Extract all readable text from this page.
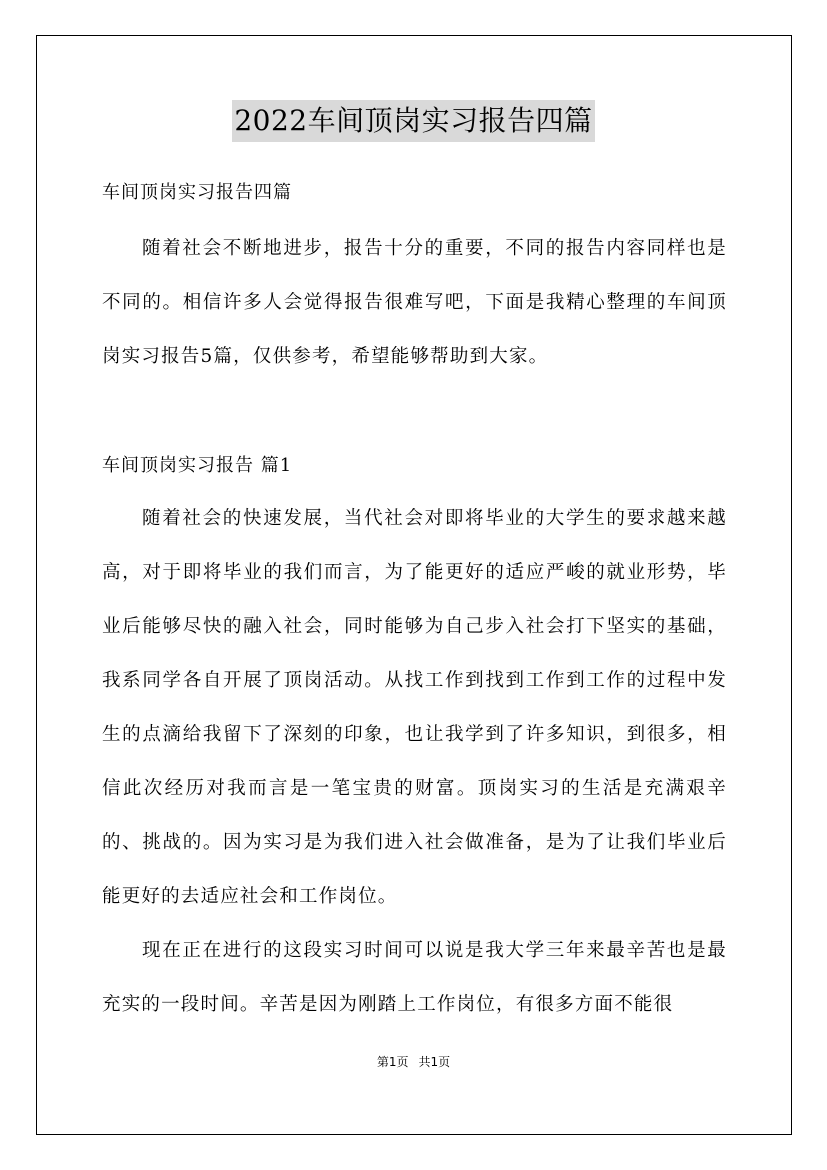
2022车间顶岗实习报告四篇
车间顶岗实习报告四篇

随着社会不断地进步，报告十分的重要，不同的报告内容同样也是不同的。相信许多人会觉得报告很难写吧，下面是我精心整理的车间顶岗实习报告5篇，仅供参考，希望能够帮助到大家。

车间顶岗实习报告 篇1

随着社会的快速发展，当代社会对即将毕业的大学生的要求越来越高，对于即将毕业的我们而言，为了能更好的适应严峻的就业形势，毕业后能够尽快的融入社会，同时能够为自己步入社会打下坚实的基础，我系同学各自开展了顶岗活动。从找工作到找到工作到工作的过程中发生的点滴给我留下了深刻的印象，也让我学到了许多知识，到很多，相信此次经历对我而言是一笔宝贵的财富。顶岗实习的生活是充满艰辛的、挑战的。因为实习是为我们进入社会做准备，是为了让我们毕业后能更好的去适应社会和工作岗位。

现在正在进行的这段实习时间可以说是我大学三年来最辛苦也是最充实的一段时间。辛苦是因为刚踏上工作岗位，有很多方面不能很

第1页 共1页
